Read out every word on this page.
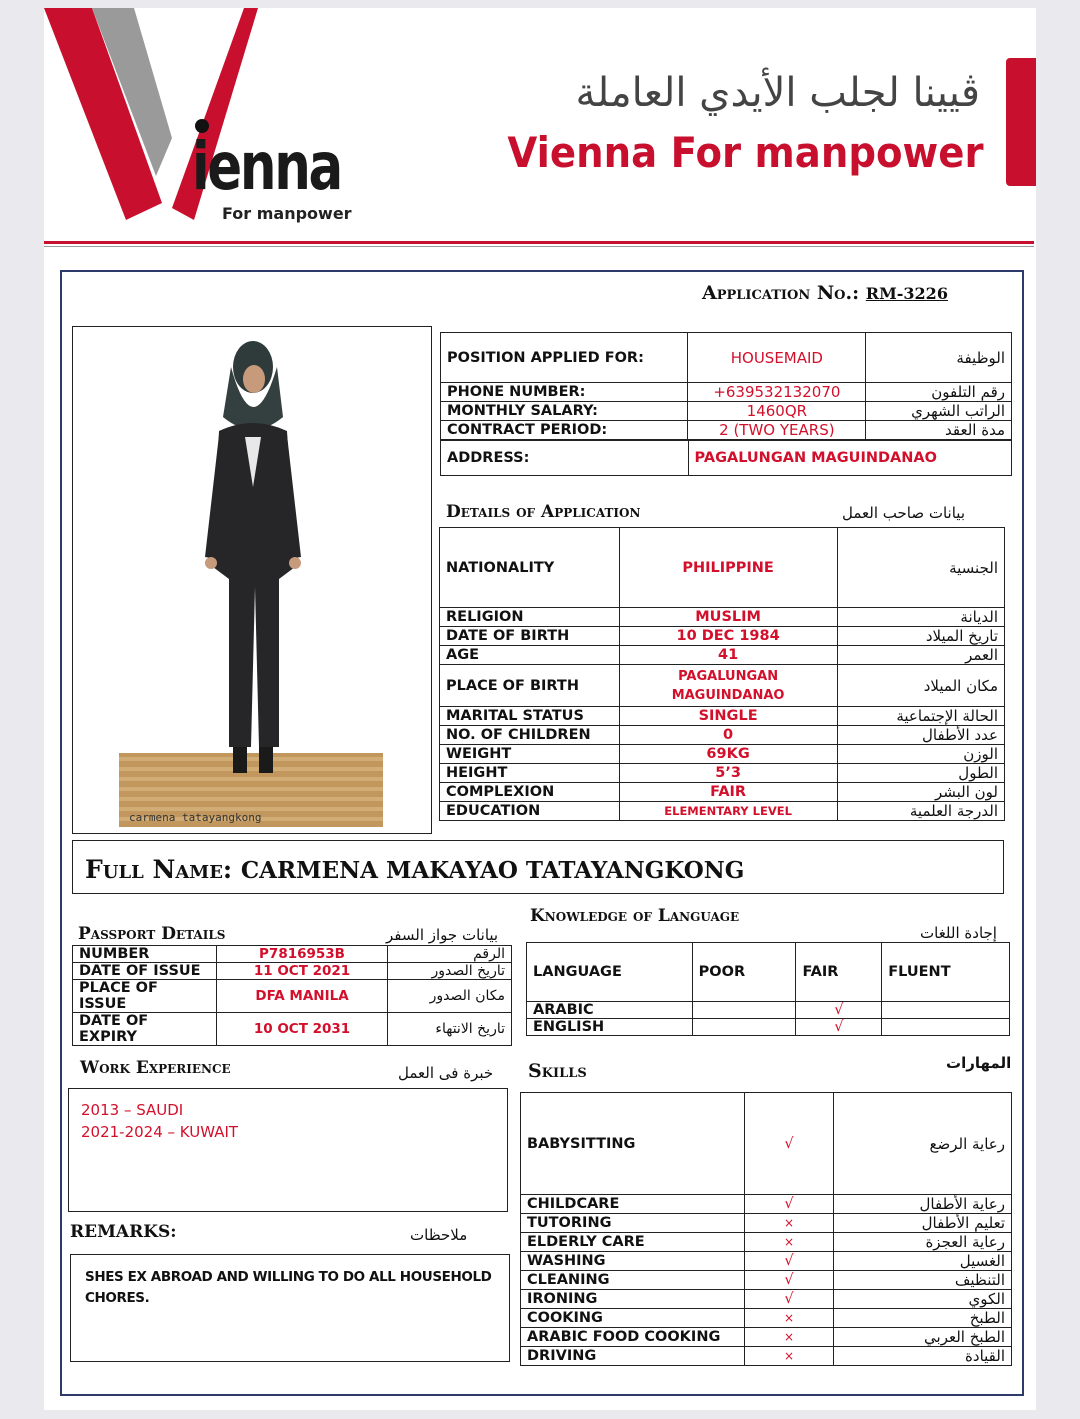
ienna
For manpower
ڤيينا لجلب الأيدي العاملة
Vienna For manpower
Application No.: RM-3226
carmena tatayangkong
POSITION APPLIED FOR:	HOUSEMAID	الوظيفة
PHONE NUMBER:	+639532132070	رقم التلفون
MONTHLY SALARY:	1460QR	الراتب الشهري
CONTRACT PERIOD:	2 (TWO YEARS)	مدة العقد
ADDRESS:	PAGALUNGAN MAGUINDANAO
Details of Application	بيانات صاحب العمل
NATIONALITY	PHILIPPINE	الجنسية
RELIGION	MUSLIM	الديانة
DATE OF BIRTH	10 DEC 1984	تاريخ الميلاد
AGE	41	العمر
PLACE OF BIRTH	PAGALUNGAN MAGUINDANAO	مكان الميلاد
MARITAL STATUS	SINGLE	الحالة الإجتماعية
NO. OF CHILDREN	0	عدد الأطفال
WEIGHT	69KG	الوزن
HEIGHT	5’3	الطول
COMPLEXION	FAIR	لون البشر
EDUCATION	ELEMENTARY LEVEL	الدرجة العلمية
Full Name: CARMENA MAKAYAO TATAYANGKONG
Passport Details	بيانات جواز السفر
NUMBER	P7816953B	الرقم
DATE OF ISSUE	11 OCT 2021	تاريخ الصدور
PLACE OF ISSUE	DFA MANILA	مكان الصدور
DATE OF EXPIRY	10 OCT 2031	تاريخ الانتهاء
Knowledge of Language
إجادة اللغات
LANGUAGE	POOR	FAIR	FLUENT
ARABIC		√	
ENGLISH		√	
Work Experience	خبرة فى العمل
2013 – SAUDI
2021-2024 – KUWAIT
REMARKS:	ملاحظات
SHES EX ABROAD AND WILLING TO DO ALL HOUSEHOLD CHORES.
Skills	المهارات
BABYSITTING	√	رعاية الرضع
CHILDCARE	√	رعاية الأطفال
TUTORING	×	تعليم الأطفال
ELDERLY CARE	×	رعاية العجزة
WASHING	√	الغسيل
CLEANING	√	التنظيف
IRONING	√	الكوي
COOKING	×	الطبخ
ARABIC FOOD COOKING	×	الطبخ العربي
DRIVING	×	القيادة
